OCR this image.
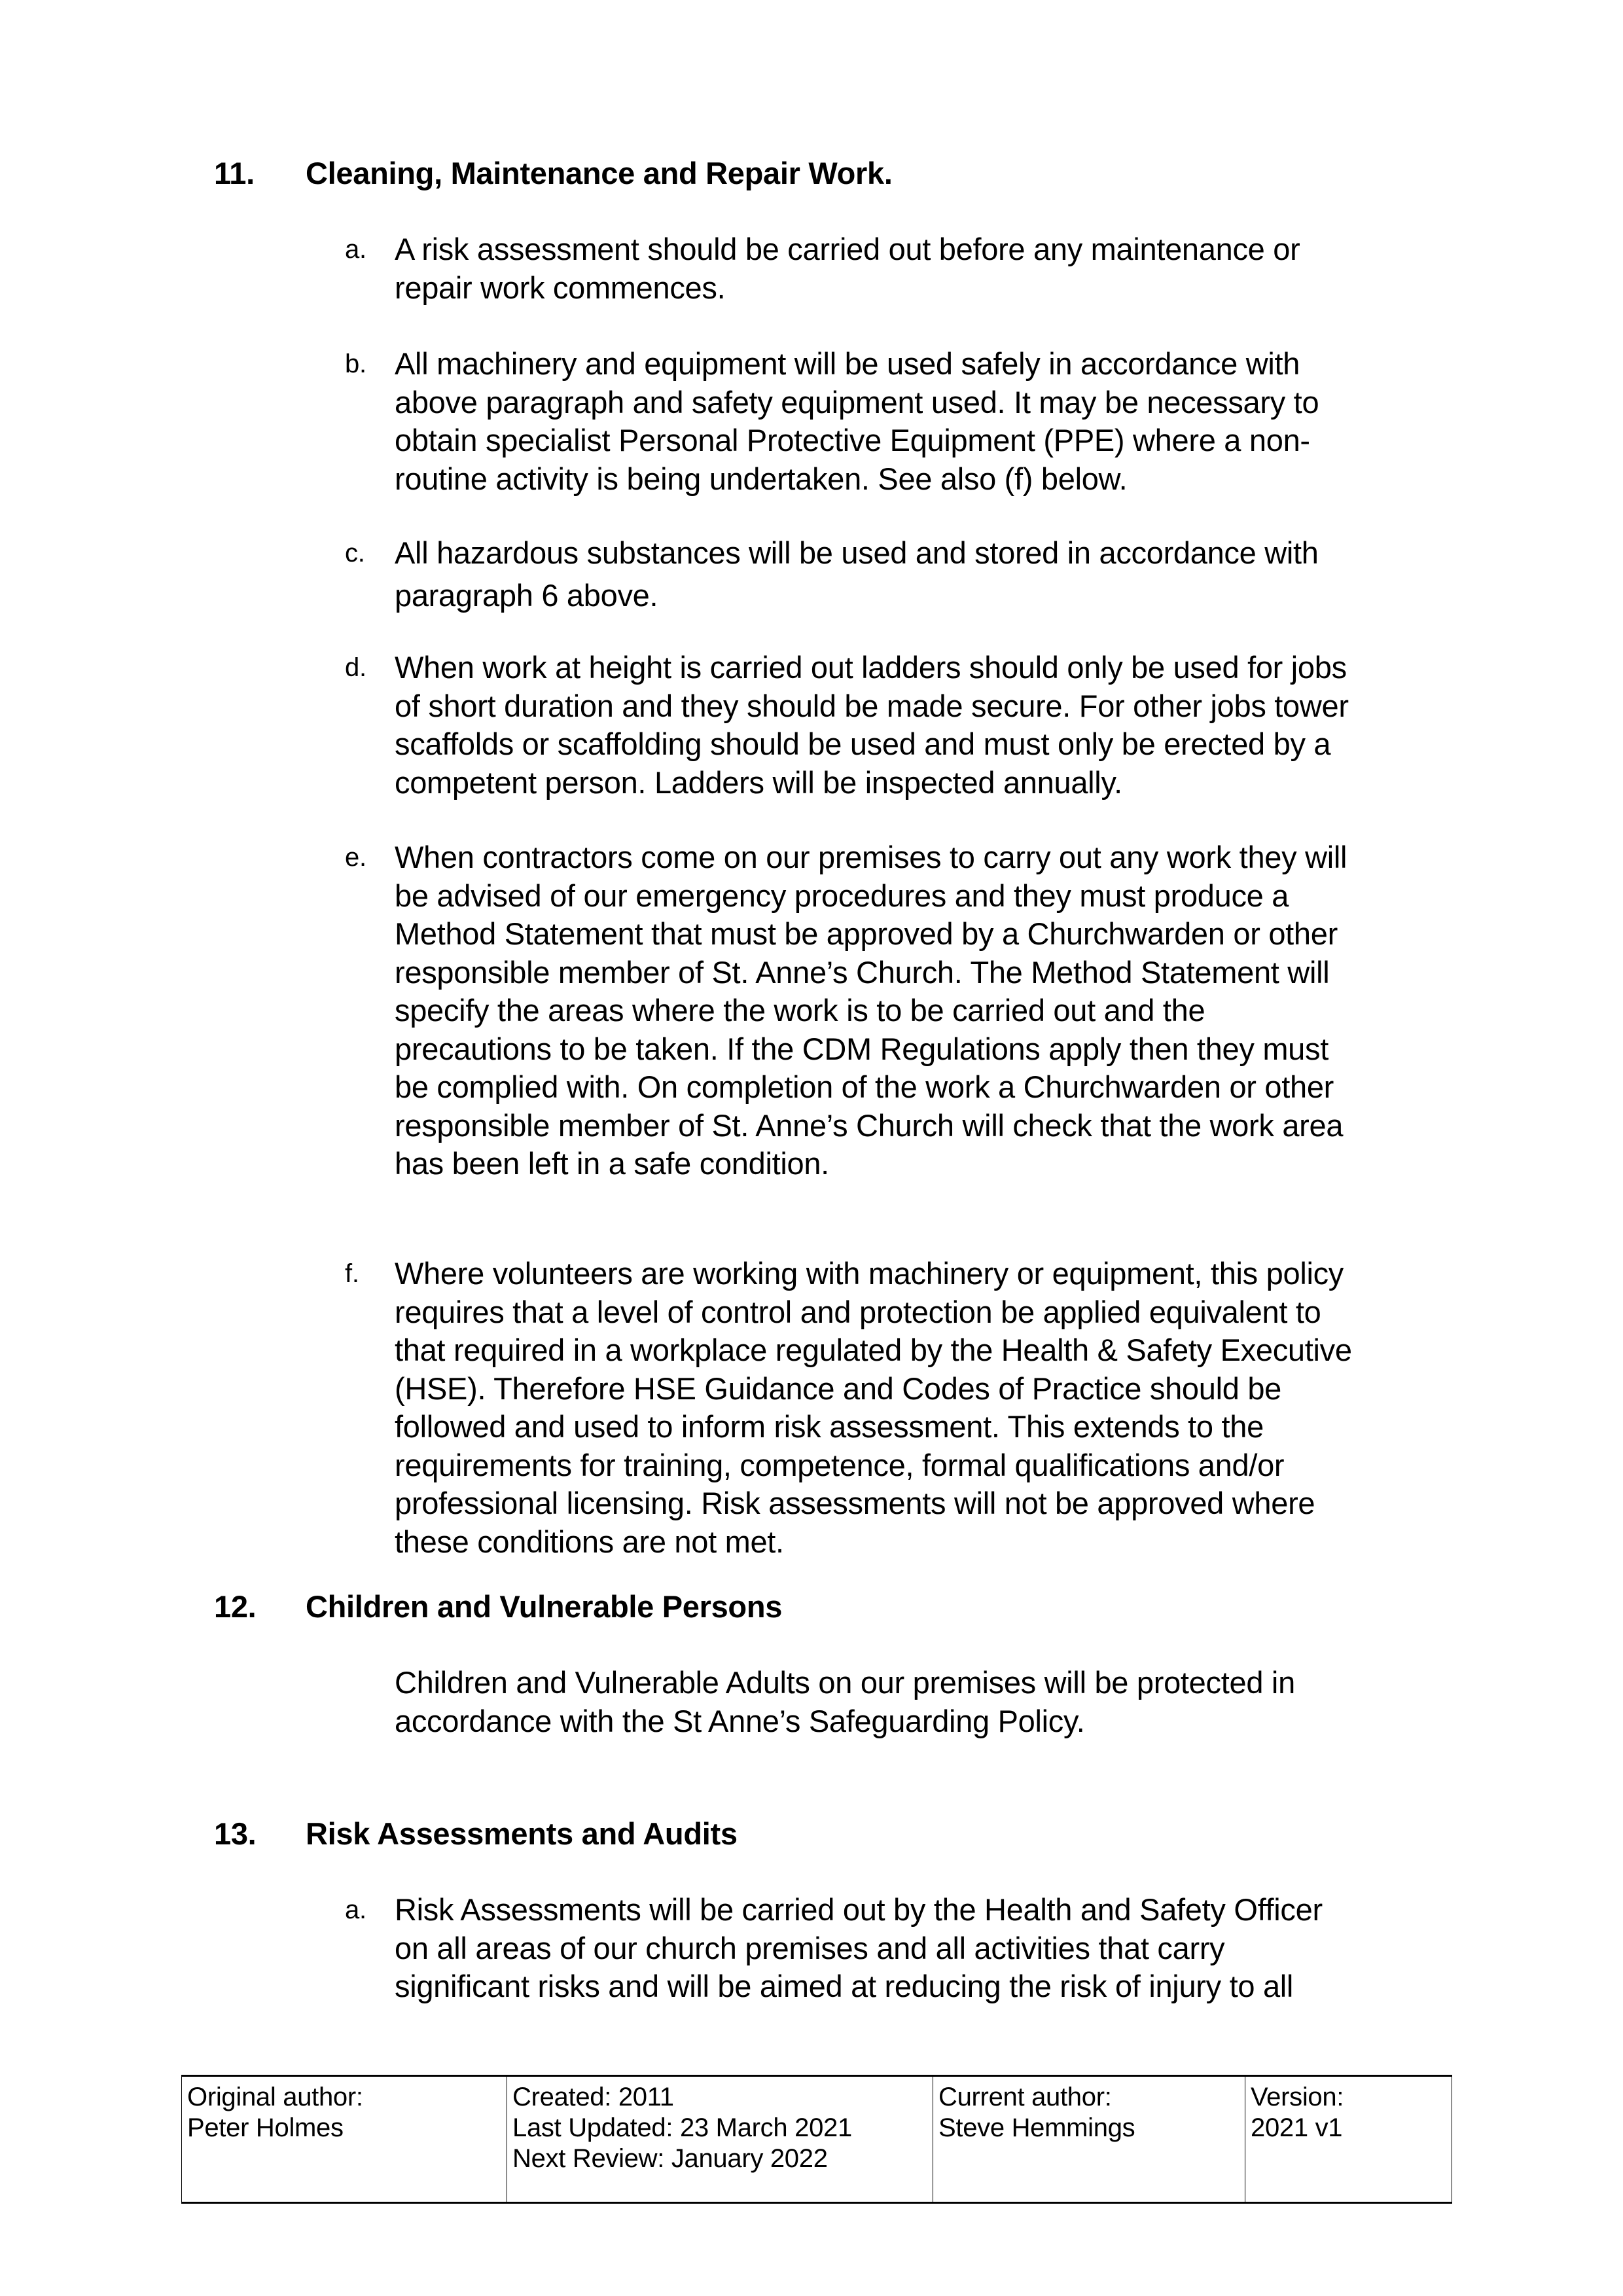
11. Cleaning, Maintenance and Repair Work.
a. A risk assessment should be carried out before any maintenance or
repair work commences.
b. All machinery and equipment will be used safely in accordance with
above paragraph and safety equipment used. It may be necessary to
obtain specialist Personal Protective Equipment (PPE) where a non-
routine activity is being undertaken. See also (f) below.
c. All hazardous substances will be used and stored in accordance with
paragraph 6 above.
d. When work at height is carried out ladders should only be used for jobs
of short duration and they should be made secure. For other jobs tower
scaffolds or scaffolding should be used and must only be erected by a
competent person. Ladders will be inspected annually.
e. When contractors come on our premises to carry out any work they will
be advised of our emergency procedures and they must produce a
Method Statement that must be approved by a Churchwarden or other
responsible member of St. Anne’s Church. The Method Statement will
specify the areas where the work is to be carried out and the
precautions to be taken. If the CDM Regulations apply then they must
be complied with. On completion of the work a Churchwarden or other
responsible member of St. Anne’s Church will check that the work area
has been left in a safe condition.
f.	Where volunteers are working with machinery or equipment, this policy
requires that a level of control and protection be applied equivalent to
that required in a workplace regulated by the Health & Safety Executive
(HSE). Therefore HSE Guidance and Codes of Practice should be
followed and used to inform risk assessment. This extends to the
requirements for training, competence, formal qualifications and/or
professional licensing. Risk assessments will not be approved where
these conditions are not met.
12. Children and Vulnerable Persons
Children and Vulnerable Adults on our premises will be protected in
accordance with the St Anne’s Safeguarding Policy.
13. Risk Assessments and Audits
a. Risk Assessments will be carried out by the Health and Safety Officer
on all areas of our church premises and all activities that carry
significant risks and will be aimed at reducing the risk of injury to all
Original author:
Peter Holmes

Created: 2011
Last Updated: 23 March 2021
Next Review: January 2022

Current author:
Steve Hemmings

Version:
2021 v1
